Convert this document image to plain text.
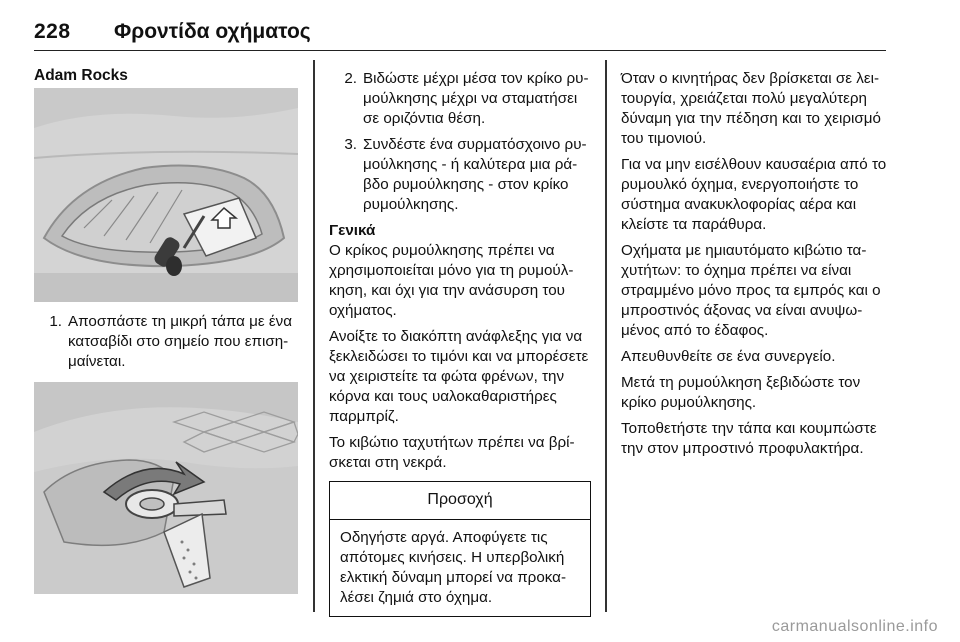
228 Φροντίδα οχήματος
Adam Rocks
1. Αποσπάστε τη μικρή τάπα με ένα κατσαβίδι στο σημείο που επισημαίνεται.
2. Βιδώστε μέχρι μέσα τον κρίκο ρυμούλκησης μέχρι να σταματήσει σε οριζόντια θέση.
3. Συνδέστε ένα συρματόσχοινο ρυμούλκησης - ή καλύτερα μια ράβδο ρυμούλκησης - στον κρίκο ρυμούλκησης.
Γενικά

Ο κρίκος ρυμούλκησης πρέπει να χρησιμοποιείται μόνο για τη ρυμούλκηση, και όχι για την ανάσυρση του οχήματος.

Ανοίξτε το διακόπτη ανάφλεξης για να ξεκλειδώσει το τιμόνι και να μπορέσετε να χειριστείτε τα φώτα φρένων, την κόρνα και τους υαλοκαθαριστήρες παρμπρίζ.

Το κιβώτιο ταχυτήτων πρέπει να βρίσκεται στη νεκρά.

Προσοχή
Οδηγήστε αργά. Αποφύγετε τις απότομες κινήσεις. Η υπερβολική ελκτική δύναμη μπορεί να προκαλέσει ζημιά στο όχημα.

Όταν ο κινητήρας δεν βρίσκεται σε λειτουργία, χρειάζεται πολύ μεγαλύτερη δύναμη για την πέδηση και το χειρισμό του τιμονιού.

Για να μην εισέλθουν καυσαέρια από το ρυμουλκό όχημα, ενεργοποιήστε το σύστημα ανακυκλοφορίας αέρα και κλείστε τα παράθυρα.

Οχήματα με ημιαυτόματο κιβώτιο ταχυτήτων: το όχημα πρέπει να είναι στραμμένο μόνο προς τα εμπρός και ο μπροστινός άξονας να είναι ανυψωμένος από το έδαφος.

Απευθυνθείτε σε ένα συνεργείο.

Μετά τη ρυμούλκηση ξεβιδώστε τον κρίκο ρυμούλκησης.

Τοποθετήστε την τάπα και κουμπώστε την στον μπροστινό προφυλακτήρα.

carmanualsonline.info
